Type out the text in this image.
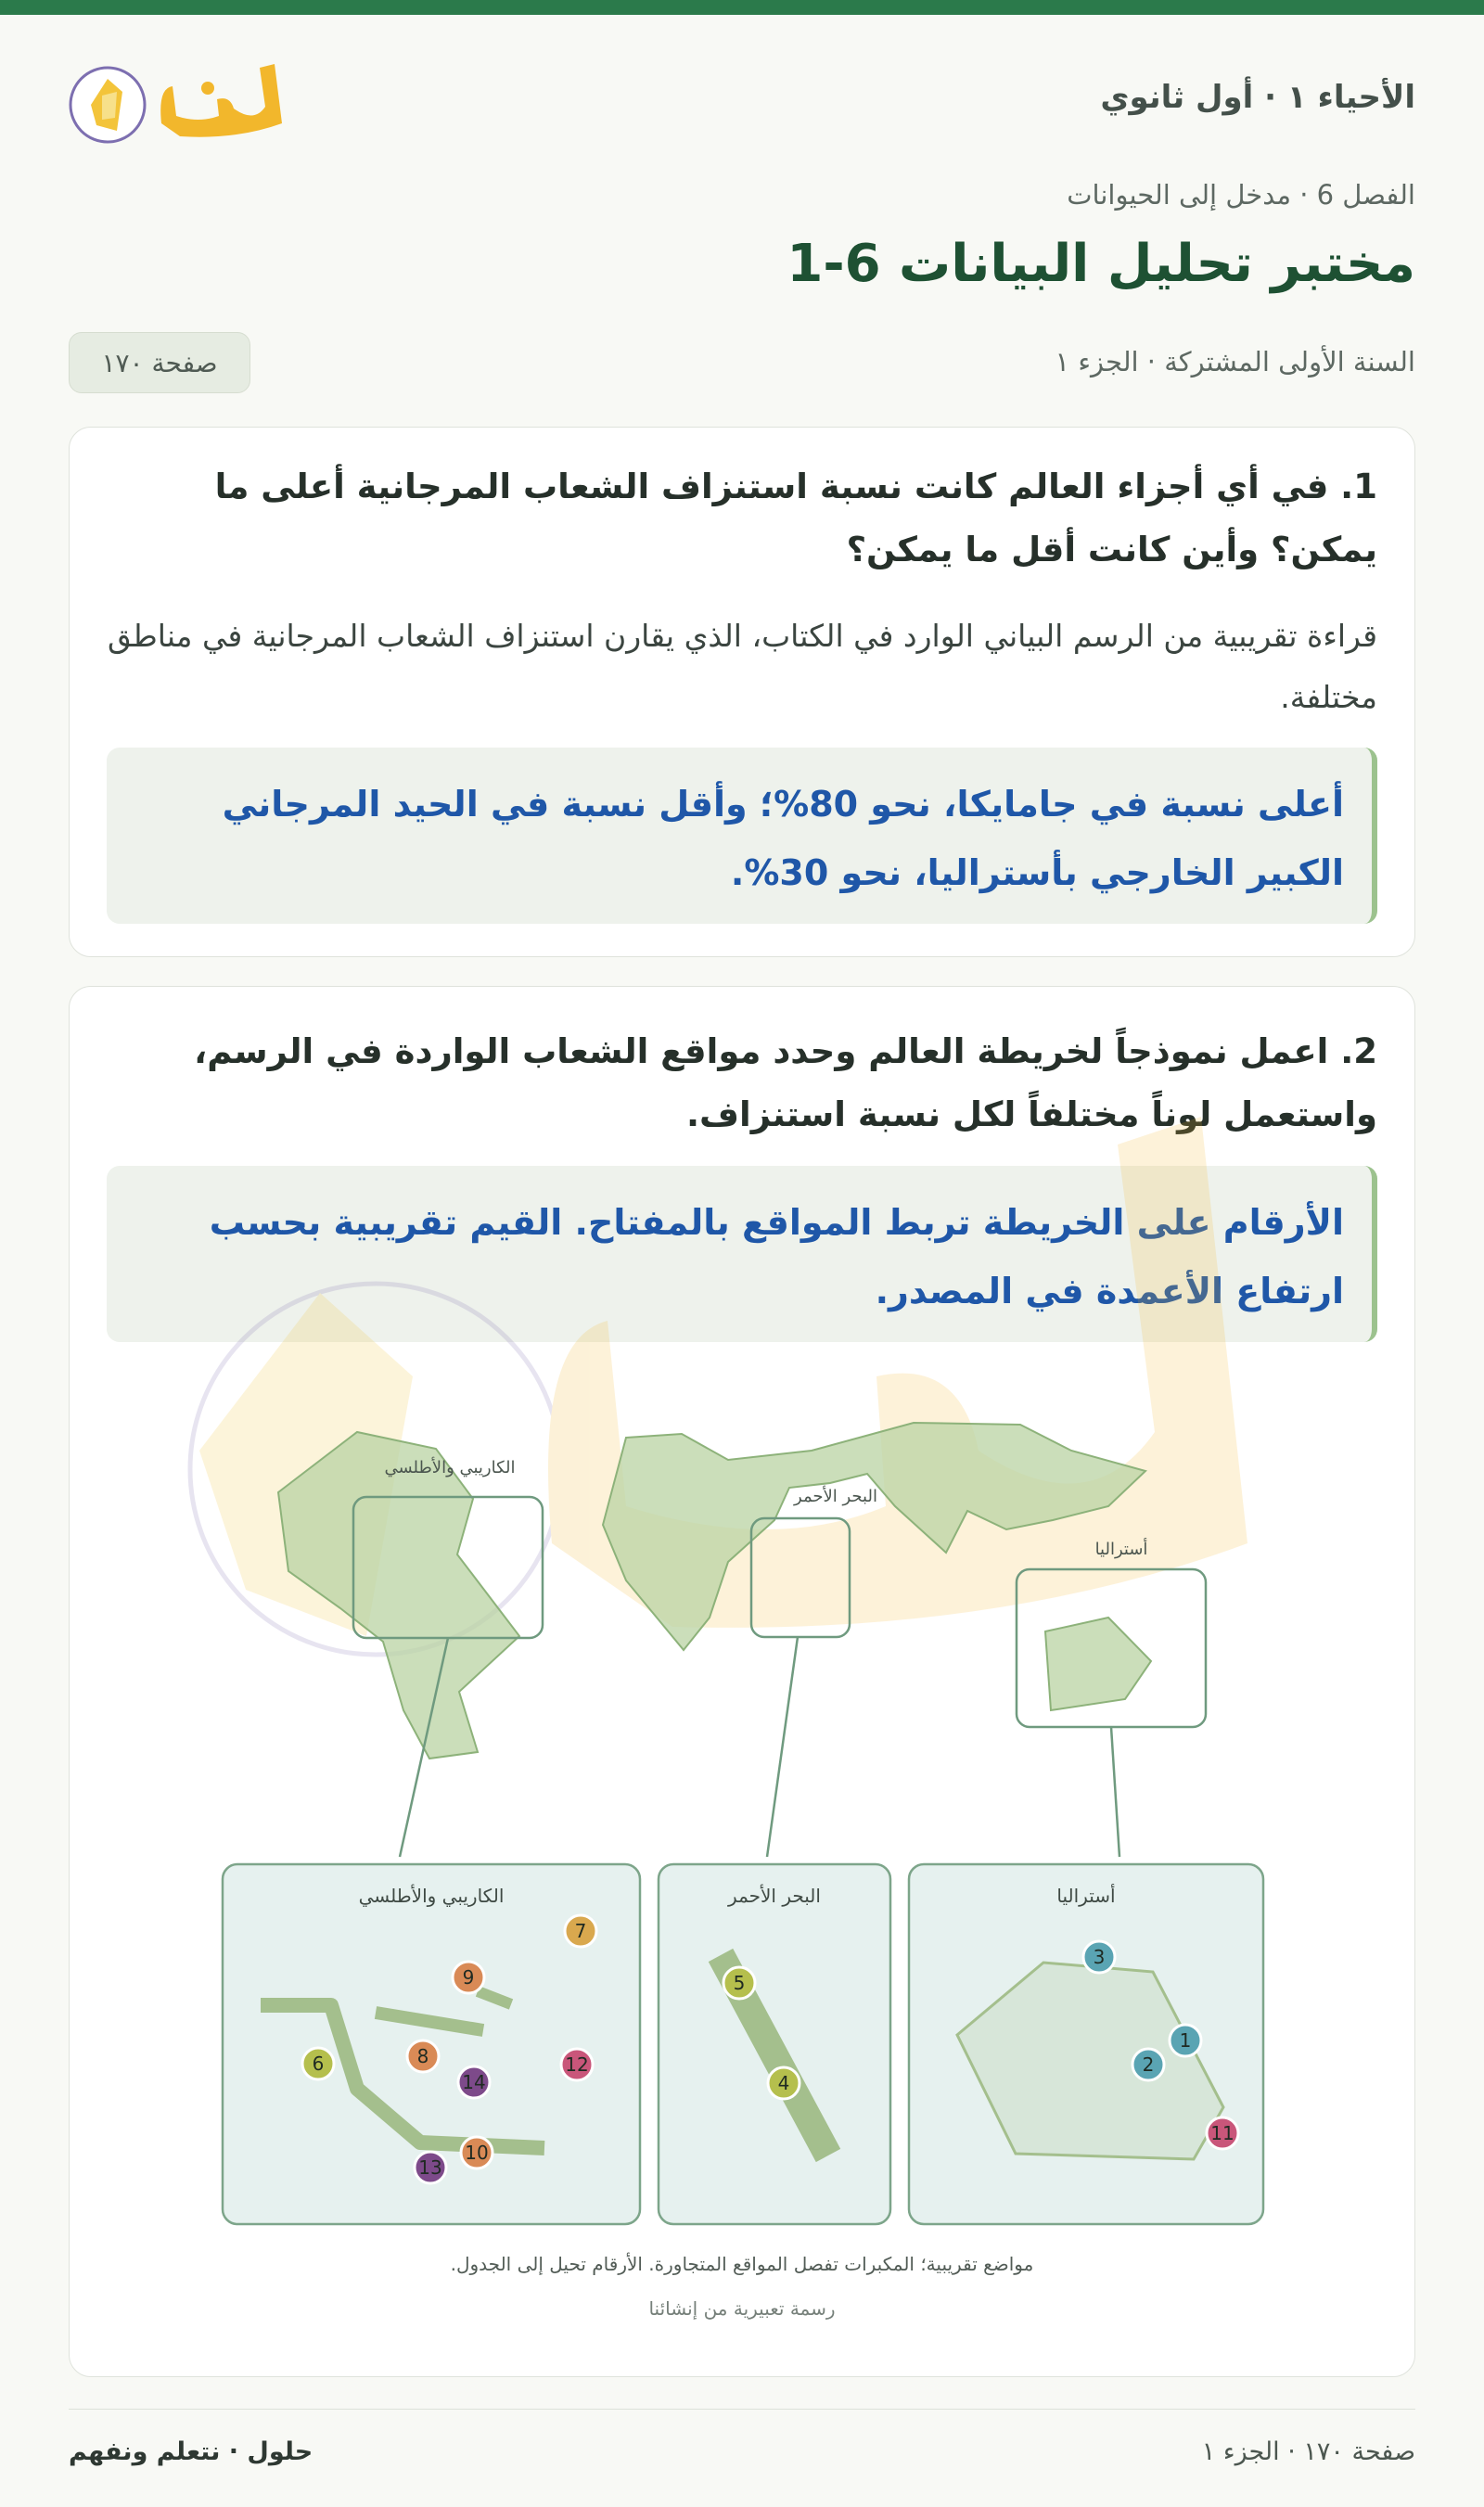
الأحياء ١ · أول ثانوي
الفصل 6 · مدخل إلى الحيوانات
مختبر تحليل البيانات 6-1
السنة الأولى المشتركة · الجزء ١
صفحة ١٧٠
1. في أي أجزاء العالم كانت نسبة استنزاف الشعاب المرجانية أعلى ما يمكن؟ وأين كانت أقل ما يمكن؟
قراءة تقريبية من الرسم البياني الوارد في الكتاب، الذي يقارن استنزاف الشعاب المرجانية في مناطق مختلفة.
أعلى نسبة في جامايكا، نحو 80%؛ وأقل نسبة في الحيد المرجاني الكبير الخارجي بأستراليا، نحو 30%.
2. اعمل نموذجاً لخريطة العالم وحدد مواقع الشعاب الواردة في الرسم، واستعمل لوناً مختلفاً لكل نسبة استنزاف.
الأرقام على الخريطة تربط المواقع بالمفتاح. القيم تقريبية بحسب ارتفاع الأعمدة في المصدر.
الكاريبي والأطلسي
البحر الأحمر
أستراليا
الكاريبي والأطلسي	البحر الأحمر	أستراليا
1
2
3
4
5
6
7
8
9
10
11
12
13
14
مواضع تقريبية؛ المكبرات تفصل المواقع المتجاورة. الأرقام تحيل إلى الجدول.
رسمة تعبيرية من إنشائنا
صفحة ١٧٠ · الجزء ١
حلول · نتعلم ونفهم
